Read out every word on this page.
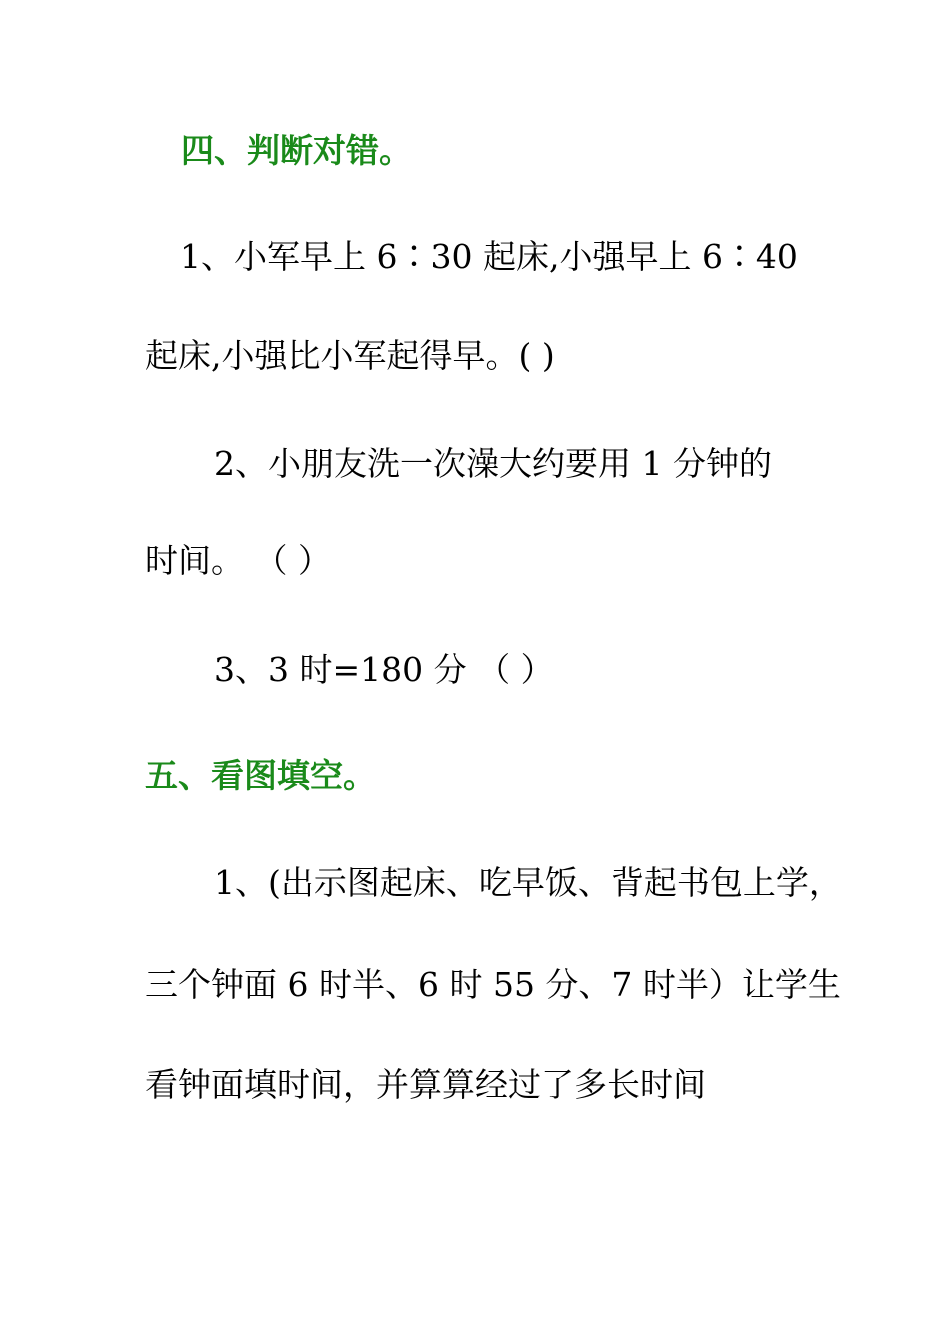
四、判断对错。
1、小军早上 6∶30 起床,小强早上 6∶40
起床,小强比小军起得早。( )
2、小朋友洗一次澡大约要用 1 分钟的
时间。 （ ）
3、3 时=180 分 （ ）
五、看图填空。
1、(出示图起床、吃早饭、背起书包上学，
三个钟面 6 时半、6 时 55 分、7 时半）让学生
看钟面填时间，并算算经过了多长时间
